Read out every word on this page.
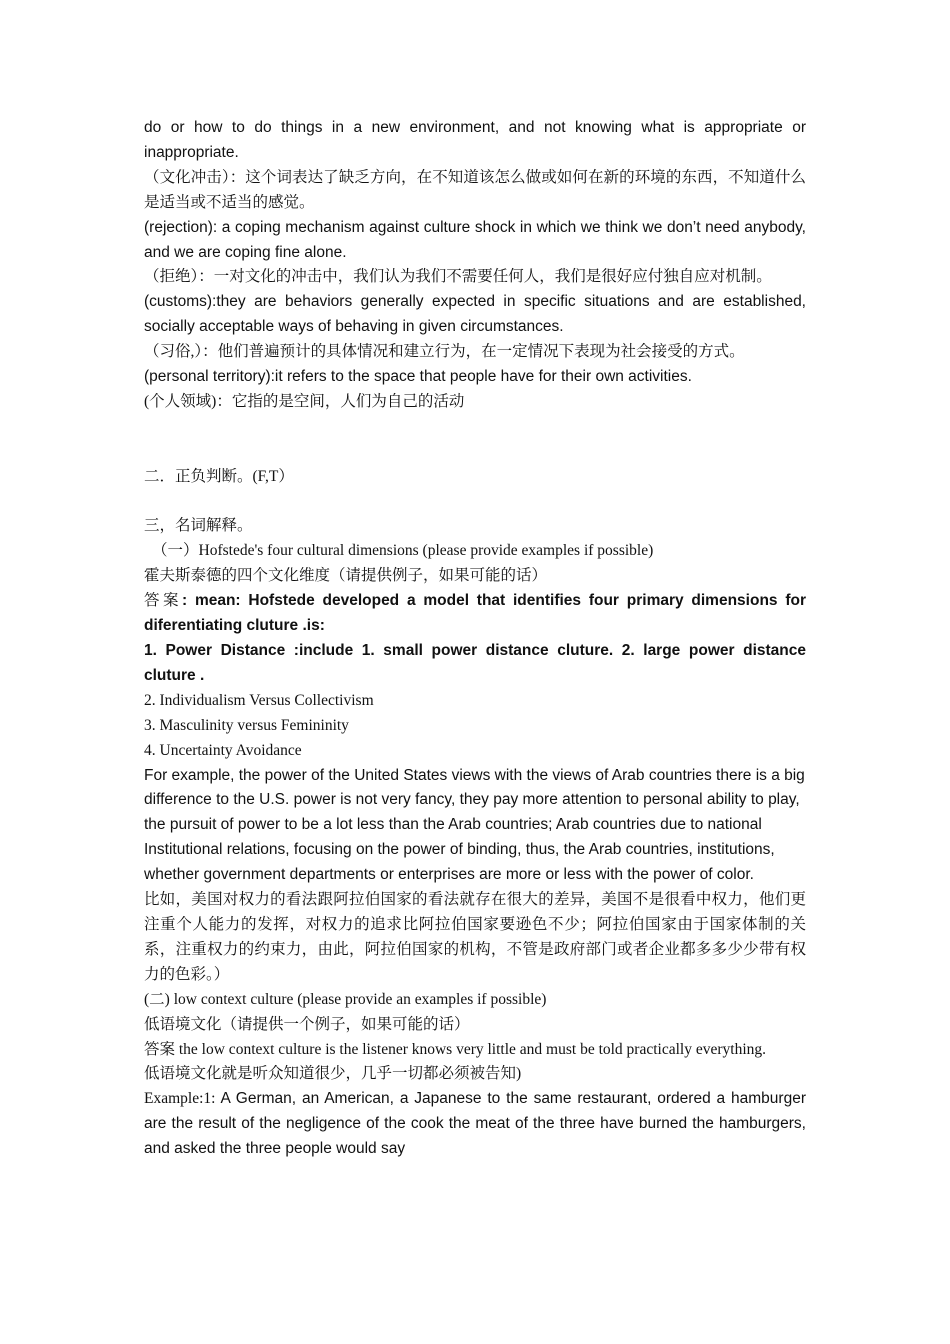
do or how to do things in a new environment, and not knowing what is appropriate or inappropriate.

（文化冲击）：这个词表达了缺乏方向，在不知道该怎么做或如何在新的环境的东西，不知道什么是适当或不适当的感觉。

(rejection): a coping mechanism against culture shock in which we think we don’t need anybody, and we are coping fine alone.

（拒绝）：一对文化的冲击中，我们认为我们不需要任何人，我们是很好应付独自应对机制。

(customs):they are behaviors generally expected in specific situations and are established, socially acceptable ways of behaving in given circumstances.

（习俗,）：他们普遍预计的具体情况和建立行为，在一定情况下表现为社会接受的方式。

(personal territory):it refers to the space that people have for their own activities.

(个人领域)：它指的是空间，人们为自己的活动

二．正负判断。(F,T）

三，名词解释。

（一）Hofstede's four cultural dimensions (please provide examples if possible)

霍夫斯泰德的四个文化维度（请提供例子，如果可能的话）

答案: mean: Hofstede developed a model that identifies four primary dimensions for diferentiating cluture .is:

1. Power Distance :include 1. small power distance cluture. 2. large power distance cluture .

2. Individualism Versus Collectivism

3. Masculinity versus Femininity

4. Uncertainty Avoidance

For example, the power of the United States views with the views of Arab countries there is a big difference to the U.S. power is not very fancy, they pay more attention to personal ability to play, the pursuit of power to be a lot less than the Arab countries; Arab countries due to national Institutional relations, focusing on the power of binding, thus, the Arab countries, institutions, whether government departments or enterprises are more or less with the power of color.

比如，美国对权力的看法跟阿拉伯国家的看法就存在很大的差异，美国不是很看中权力，他们更注重个人能力的发挥，对权力的追求比阿拉伯国家要逊色不少；阿拉伯国家由于国家体制的关系，注重权力的约束力，由此，阿拉伯国家的机构，不管是政府部门或者企业都多多少少带有权力的色彩。）

(二) low context culture (please provide an examples if possible)

低语境文化（请提供一个例子，如果可能的话）

答案 the low context culture is the listener knows very little and must be told practically everything.

低语境文化就是听众知道很少，几乎一切都必须被告知)

Example:1: A German, an American, a Japanese to the same restaurant, ordered a hamburger are the result of the negligence of the cook the meat of the three have burned the hamburgers, and asked the three people would say
